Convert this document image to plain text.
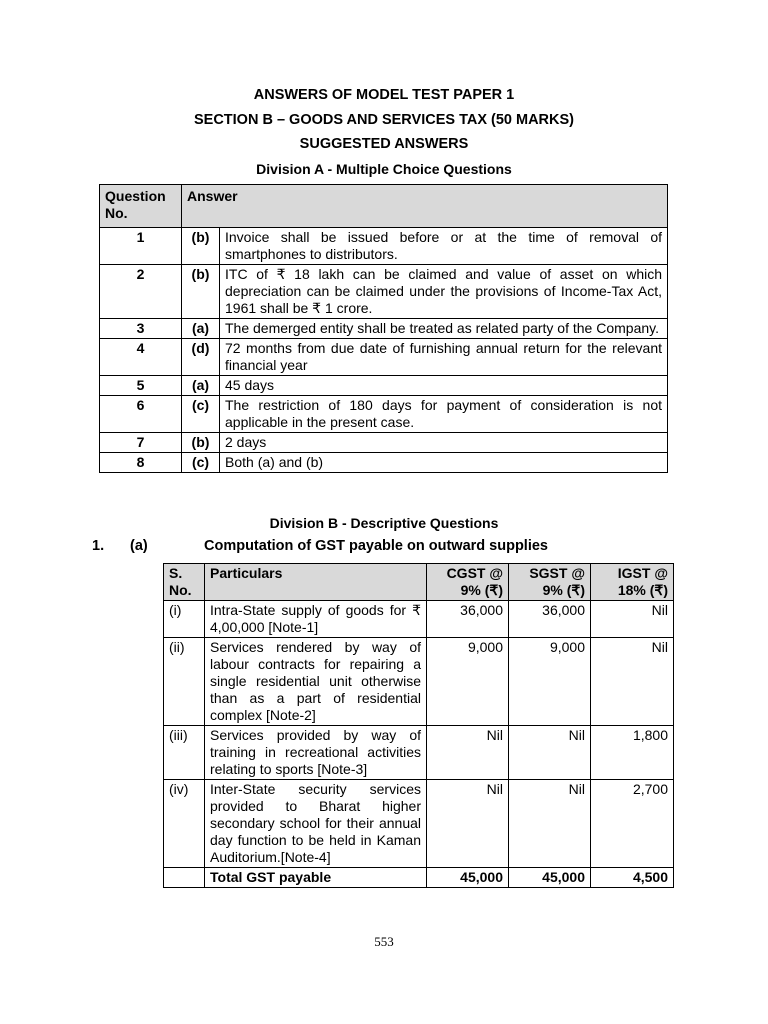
ANSWERS OF MODEL TEST PAPER 1
SECTION B – GOODS AND SERVICES TAX (50 MARKS)
SUGGESTED ANSWERS
Division A - Multiple Choice Questions
Question No.	Answer	
1	(b)	Invoice shall be issued before or at the time of removal of smartphones to distributors.
2	(b)	ITC of ₹ 18 lakh can be claimed and value of asset on which depreciation can be claimed under the provisions of Income-Tax Act, 1961 shall be ₹ 1 crore.
3	(a)	The demerged entity shall be treated as related party of the Company.
4	(d)	72 months from due date of furnishing annual return for the relevant financial year
5	(a)	45 days
6	(c)	The restriction of 180 days for payment of consideration is not applicable in the present case.
7	(b)	2 days
8	(c)	Both (a) and (b)
Division B - Descriptive Questions
1. (a)	Computation of GST payable on outward supplies
S. No.	Particulars	CGST @ 9% (₹)	SGST @ 9% (₹)	IGST @ 18% (₹)
(i)	Intra-State supply of goods for ₹ 4,00,000 [Note-1]	36,000	36,000	Nil
(ii)	Services rendered by way of labour contracts for repairing a single residential unit otherwise than as a part of residential complex [Note-2]	9,000	9,000	Nil
(iii)	Services provided by way of training in recreational activities relating to sports [Note-3]	Nil	Nil	1,800
(iv)	Inter-State security services provided to Bharat higher secondary school for their annual day function to be held in Kaman Auditorium.[Note-4]	Nil	Nil	2,700
	Total GST payable	45,000	45,000	4,500
553
